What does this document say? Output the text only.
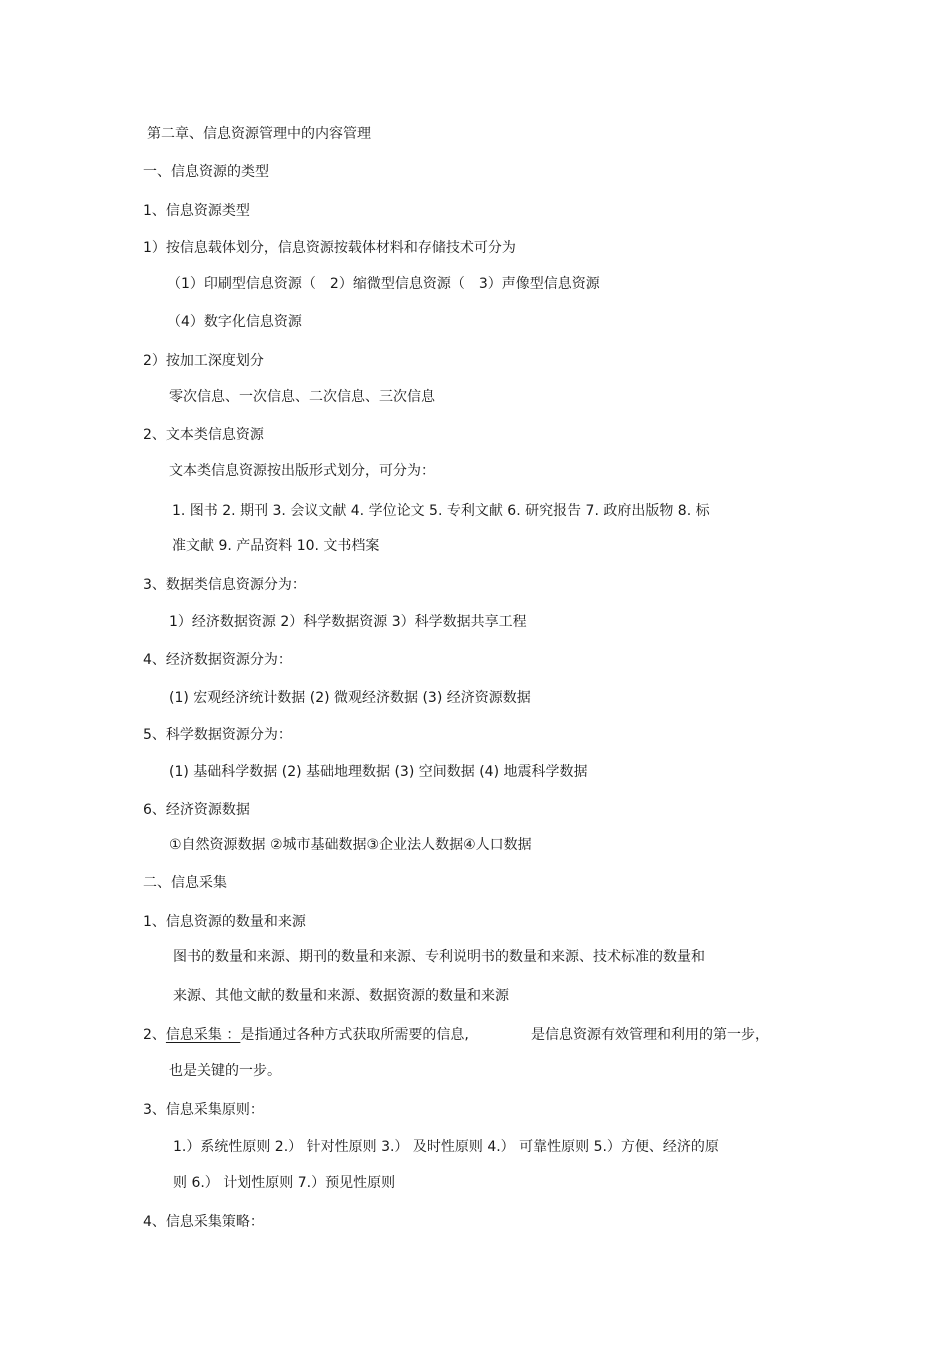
第二章、信息资源管理中的内容管理
一、信息资源的类型
1、信息资源类型
1）按信息载体划分，信息资源按载体材料和存储技术可分为
（1）印刷型信息资源（　2）缩微型信息资源（　3）声像型信息资源
（4）数字化信息资源
2）按加工深度划分
零次信息、一次信息、二次信息、三次信息
2、文本类信息资源
文本类信息资源按出版形式划分，可分为：
1. 图书 2. 期刊 3. 会议文献 4. 学位论文 5. 专利文献 6. 研究报告 7. 政府出版物 8. 标
准文献 9. 产品资料 10. 文书档案
3、数据类信息资源分为：
1）经济数据资源 2）科学数据资源 3）科学数据共享工程
4、经济数据资源分为：
(1) 宏观经济统计数据 (2) 微观经济数据 (3) 经济资源数据
5、科学数据资源分为：
(1) 基础科学数据 (2) 基础地理数据 (3) 空间数据 (4) 地震科学数据
6、经济资源数据
①自然资源数据 ②城市基础数据③企业法人数据④人口数据
二、信息采集
1、信息资源的数量和来源
图书的数量和来源、期刊的数量和来源、专利说明书的数量和来源、技术标准的数量和
来源、其他文献的数量和来源、数据资源的数量和来源
2、信息采集 ：是指通过各种方式获取所需要的信息,	是信息资源有效管理和利用的第一步，
也是关键的一步。
3、信息采集原则：
1.）系统性原则 2.） 针对性原则 3.） 及时性原则 4.） 可靠性原则 5.）方便、经济的原
则 6.） 计划性原则 7.）预见性原则
4、信息采集策略：
